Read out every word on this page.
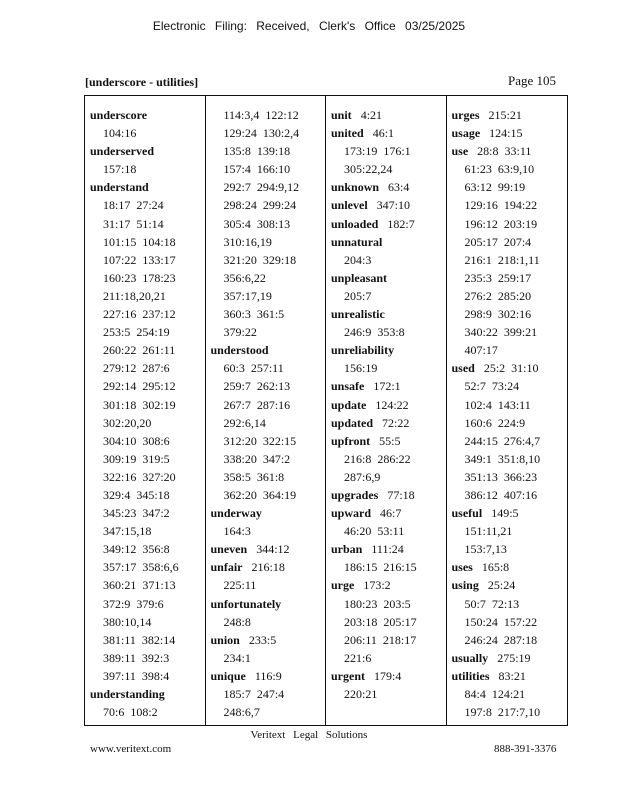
Electronic Filing: Received, Clerk's Office 03/25/2025
[underscore - utilities]	Page 105
underscore
104:16
underserved
157:18
understand
18:17  27:24
31:17  51:14
101:15  104:18
107:22  133:17
160:23  178:23
211:18,20,21
227:16  237:12
253:5  254:19
260:22  261:11
279:12  287:6
292:14  295:12
301:18  302:19
302:20,20
304:10  308:6
309:19  319:5
322:16  327:20
329:4  345:18
345:23  347:2
347:15,18
349:12  356:8
357:17  358:6,6
360:21  371:13
372:9  379:6
380:10,14
381:11  382:14
389:11  392:3
397:11  398:4
understanding
70:6  108:2
114:3,4  122:12
129:24  130:2,4
135:8  139:18
157:4  166:10
292:7  294:9,12
298:24  299:24
305:4  308:13
310:16,19
321:20  329:18
356:6,22
357:17,19
360:3  361:5
379:22
understood
60:3  257:11
259:7  262:13
267:7  287:16
292:6,14
312:20  322:15
338:20  347:2
358:5  361:8
362:20  364:19
underway
164:3
uneven 344:12
unfair 216:18
225:11
unfortunately
248:8
union 233:5
234:1
unique 116:9
185:7  247:4
248:6,7
unit 4:21
united 46:1
173:19  176:1
305:22,24
unknown 63:4
unlevel 347:10
unloaded 182:7
unnatural
204:3
unpleasant
205:7
unrealistic
246:9  353:8
unreliability
156:19
unsafe 172:1
update 124:22
updated 72:22
upfront 55:5
216:8  286:22
287:6,9
upgrades 77:18
upward 46:7
46:20  53:11
urban 111:24
186:15  216:15
urge 173:2
180:23  203:5
203:18  205:17
206:11  218:17
221:6
urgent 179:4
220:21
urges 215:21
usage 124:15
use 28:8  33:11
61:23  63:9,10
63:12  99:19
129:16  194:22
196:12  203:19
205:17  207:4
216:1  218:1,11
235:3  259:17
276:2  285:20
298:9  302:16
340:22  399:21
407:17
used 25:2  31:10
52:7  73:24
102:4  143:11
160:6  224:9
244:15  276:4,7
349:1  351:8,10
351:13  366:23
386:12  407:16
useful 149:5
151:11,21
153:7,13
uses 165:8
using 25:24
50:7  72:13
150:24  157:22
246:24  287:18
usually 275:19
utilities 83:21
84:4  124:21
197:8  217:7,10
Veritext Legal Solutions
www.veritext.com	888-391-3376
